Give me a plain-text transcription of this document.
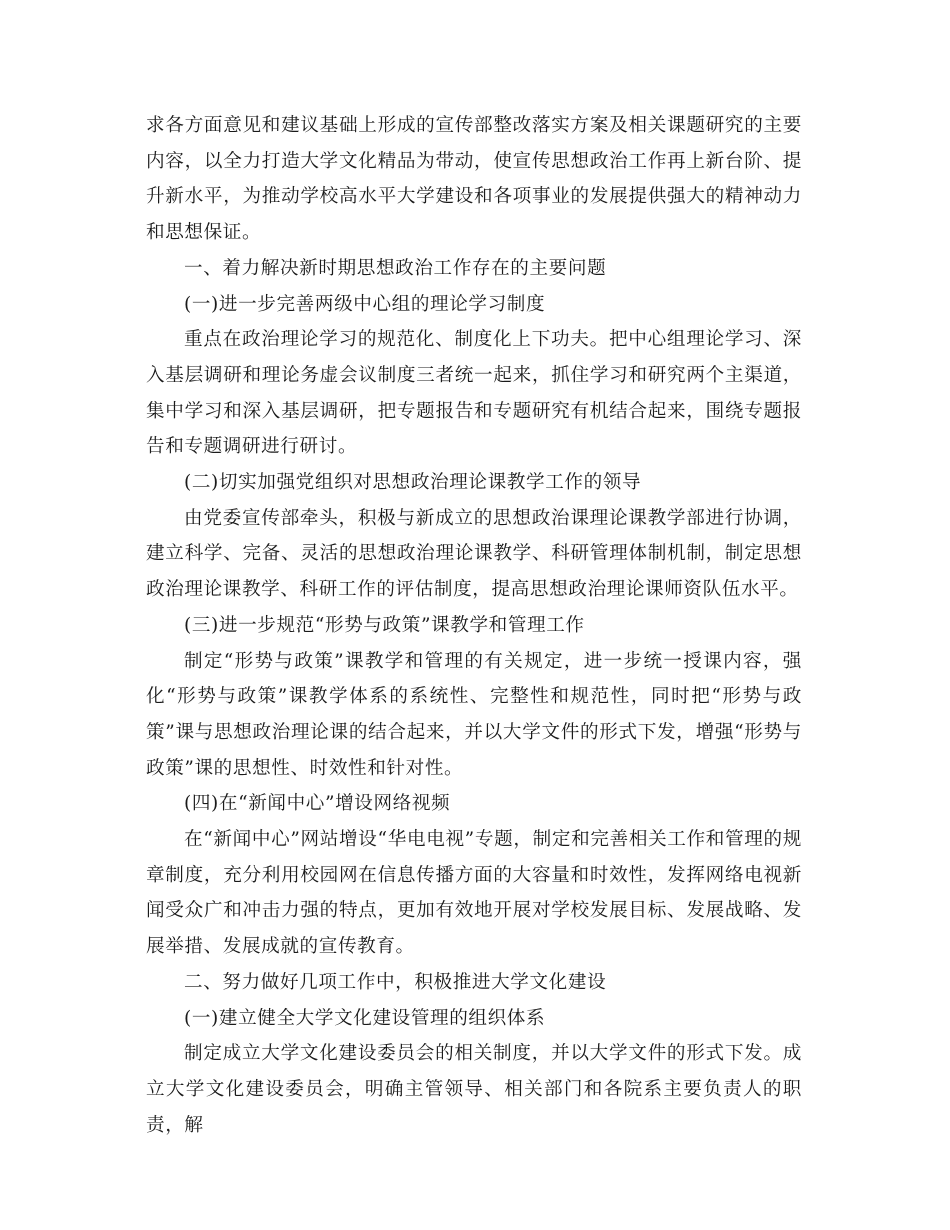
求各方面意见和建议基础上形成的宣传部整改落实方案及相关课题研究的主要内容，以全力打造大学文化精品为带动，使宣传思想政治工作再上新台阶、提升新水平，为推动学校高水平大学建设和各项事业的发展提供强大的精神动力和思想保证。

一、着力解决新时期思想政治工作存在的主要问题

(一)进一步完善两级中心组的理论学习制度

重点在政治理论学习的规范化、制度化上下功夫。把中心组理论学习、深入基层调研和理论务虚会议制度三者统一起来，抓住学习和研究两个主渠道，集中学习和深入基层调研，把专题报告和专题研究有机结合起来，围绕专题报告和专题调研进行研讨。

(二)切实加强党组织对思想政治理论课教学工作的领导

由党委宣传部牵头，积极与新成立的思想政治课理论课教学部进行协调，建立科学、完备、灵活的思想政治理论课教学、科研管理体制机制，制定思想政治理论课教学、科研工作的评估制度，提高思想政治理论课师资队伍水平。

(三)进一步规范“形势与政策”课教学和管理工作

制定“形势与政策”课教学和管理的有关规定，进一步统一授课内容，强化“形势与政策”课教学体系的系统性、完整性和规范性，同时把“形势与政策”课与思想政治理论课的结合起来，并以大学文件的形式下发，增强“形势与政策”课的思想性、时效性和针对性。

(四)在“新闻中心”增设网络视频

在“新闻中心”网站增设“华电电视”专题，制定和完善相关工作和管理的规章制度，充分利用校园网在信息传播方面的大容量和时效性，发挥网络电视新闻受众广和冲击力强的特点，更加有效地开展对学校发展目标、发展战略、发展举措、发展成就的宣传教育。

二、努力做好几项工作中，积极推进大学文化建设

(一)建立健全大学文化建设管理的组织体系

制定成立大学文化建设委员会的相关制度，并以大学文件的形式下发。成立大学文化建设委员会，明确主管领导、相关部门和各院系主要负责人的职责，解
